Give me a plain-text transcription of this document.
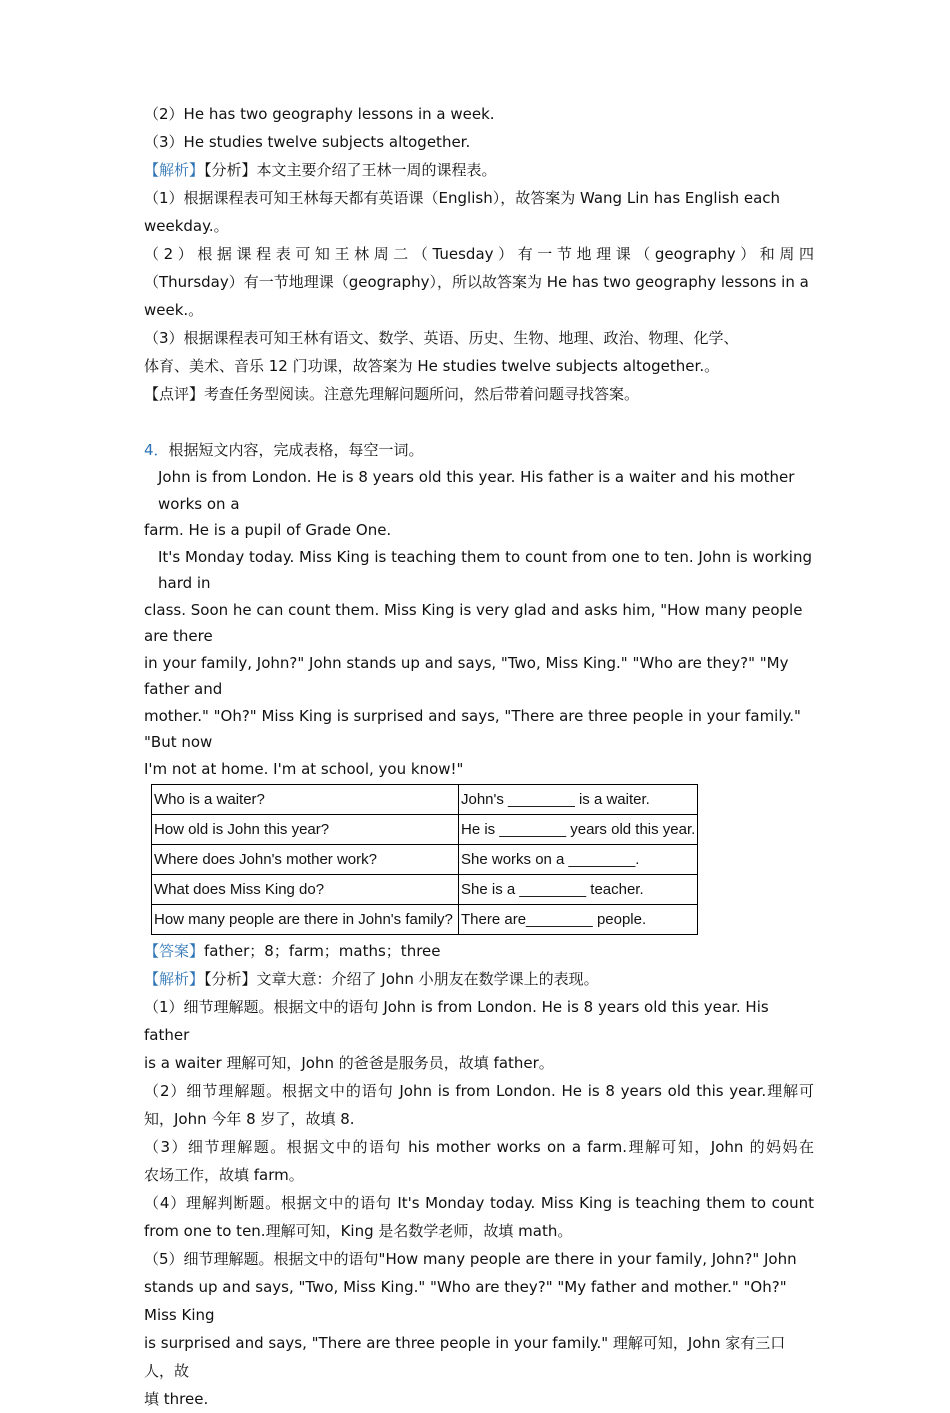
（2）He has two geography lessons in a week.

（3）He studies twelve subjects altogether.

【解析】【分析】本文主要介绍了王林一周的课程表。

（1）根据课程表可知王林每天都有英语课（English），故答案为 Wang Lin has English each

weekday.。

（2）根据课程表可知王林周二（Tuesday）有一节地理课（geography）和周四

（Thursday）有一节地理课（geography），所以故答案为 He has two geography lessons in a

week.。

（3）根据课程表可知王林有语文、数学、英语、历史、生物、地理、政治、物理、化学、

体育、美术、音乐 12 门功课，故答案为 He studies twelve subjects altogether.。

【点评】考查任务型阅读。注意先理解问题所问，然后带着问题寻找答案。

4．根据短文内容，完成表格，每空一词。

John is from London. He is 8 years old this year. His father is a waiter and his mother works on a

farm. He is a pupil of Grade One.

It's Monday today. Miss King is teaching them to count from one to ten. John is working hard in

class. Soon he can count them. Miss King is very glad and asks him, "How many people are there

in your family, John?" John stands up and says, "Two, Miss King." "Who are they?" "My father and

mother." "Oh?" Miss King is surprised and says, "There are three people in your family." "But now

I'm not at home. I'm at school, you know!"

Who is a waiter?	John's ________ is a waiter.
How old is John this year?	He is ________ years old this year.
Where does John's mother work?	She works on a ________.
What does Miss King do?	She is a ________ teacher.
How many people are there in John's family?	There are________ people.

【答案】father；8；farm；maths；three

【解析】【分析】文章大意：介绍了 John 小朋友在数学课上的表现。

（1）细节理解题。根据文中的语句 John is from London. He is 8 years old this year. His father

is a waiter 理解可知，John 的爸爸是服务员，故填 father。

（2）细节理解题。根据文中的语句 John is from London. He is 8 years old this year.理解可

知，John 今年 8 岁了，故填 8.

（3）细节理解题。根据文中的语句 his mother works on a farm.理解可知，John 的妈妈在

农场工作，故填 farm。

（4）理解判断题。根据文中的语句 It's Monday today. Miss King is teaching them to count

from one to ten.理解可知，King 是名数学老师，故填 math。

（5）细节理解题。根据文中的语句"How many people are there in your family, John?" John

stands up and says, "Two, Miss King." "Who are they?" "My father and mother." "Oh?" Miss King

is surprised and says, "There are three people in your family." 理解可知，John 家有三口人，故

填 three.
